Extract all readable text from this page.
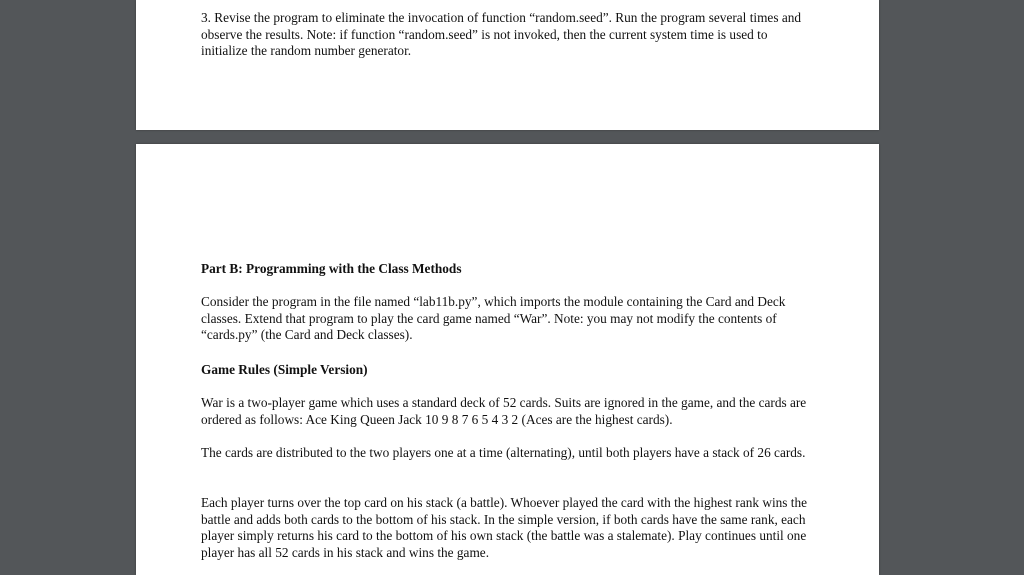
3. Revise the program to eliminate the invocation of function “random.seed”. Run the program several times and observe the results. Note: if function “random.seed” is not invoked, then the current system time is used to initialize the random number generator.
Part B: Programming with the Class Methods
Consider the program in the file named “lab11b.py”, which imports the module containing the Card and Deck classes. Extend that program to play the card game named “War”. Note: you may not modify the contents of “cards.py” (the Card and Deck classes).
Game Rules (Simple Version)
War is a two-player game which uses a standard deck of 52 cards. Suits are ignored in the game, and the cards are ordered as follows: Ace King Queen Jack 10 9 8 7 6 5 4 3 2 (Aces are the highest cards).
The cards are distributed to the two players one at a time (alternating), until both players have a stack of 26 cards.
Each player turns over the top card on his stack (a battle). Whoever played the card with the highest rank wins the battle and adds both cards to the bottom of his stack. In the simple version, if both cards have the same rank, each player simply returns his card to the bottom of his own stack (the battle was a stalemate). Play continues until one player has all 52 cards in his stack and wins the game.
